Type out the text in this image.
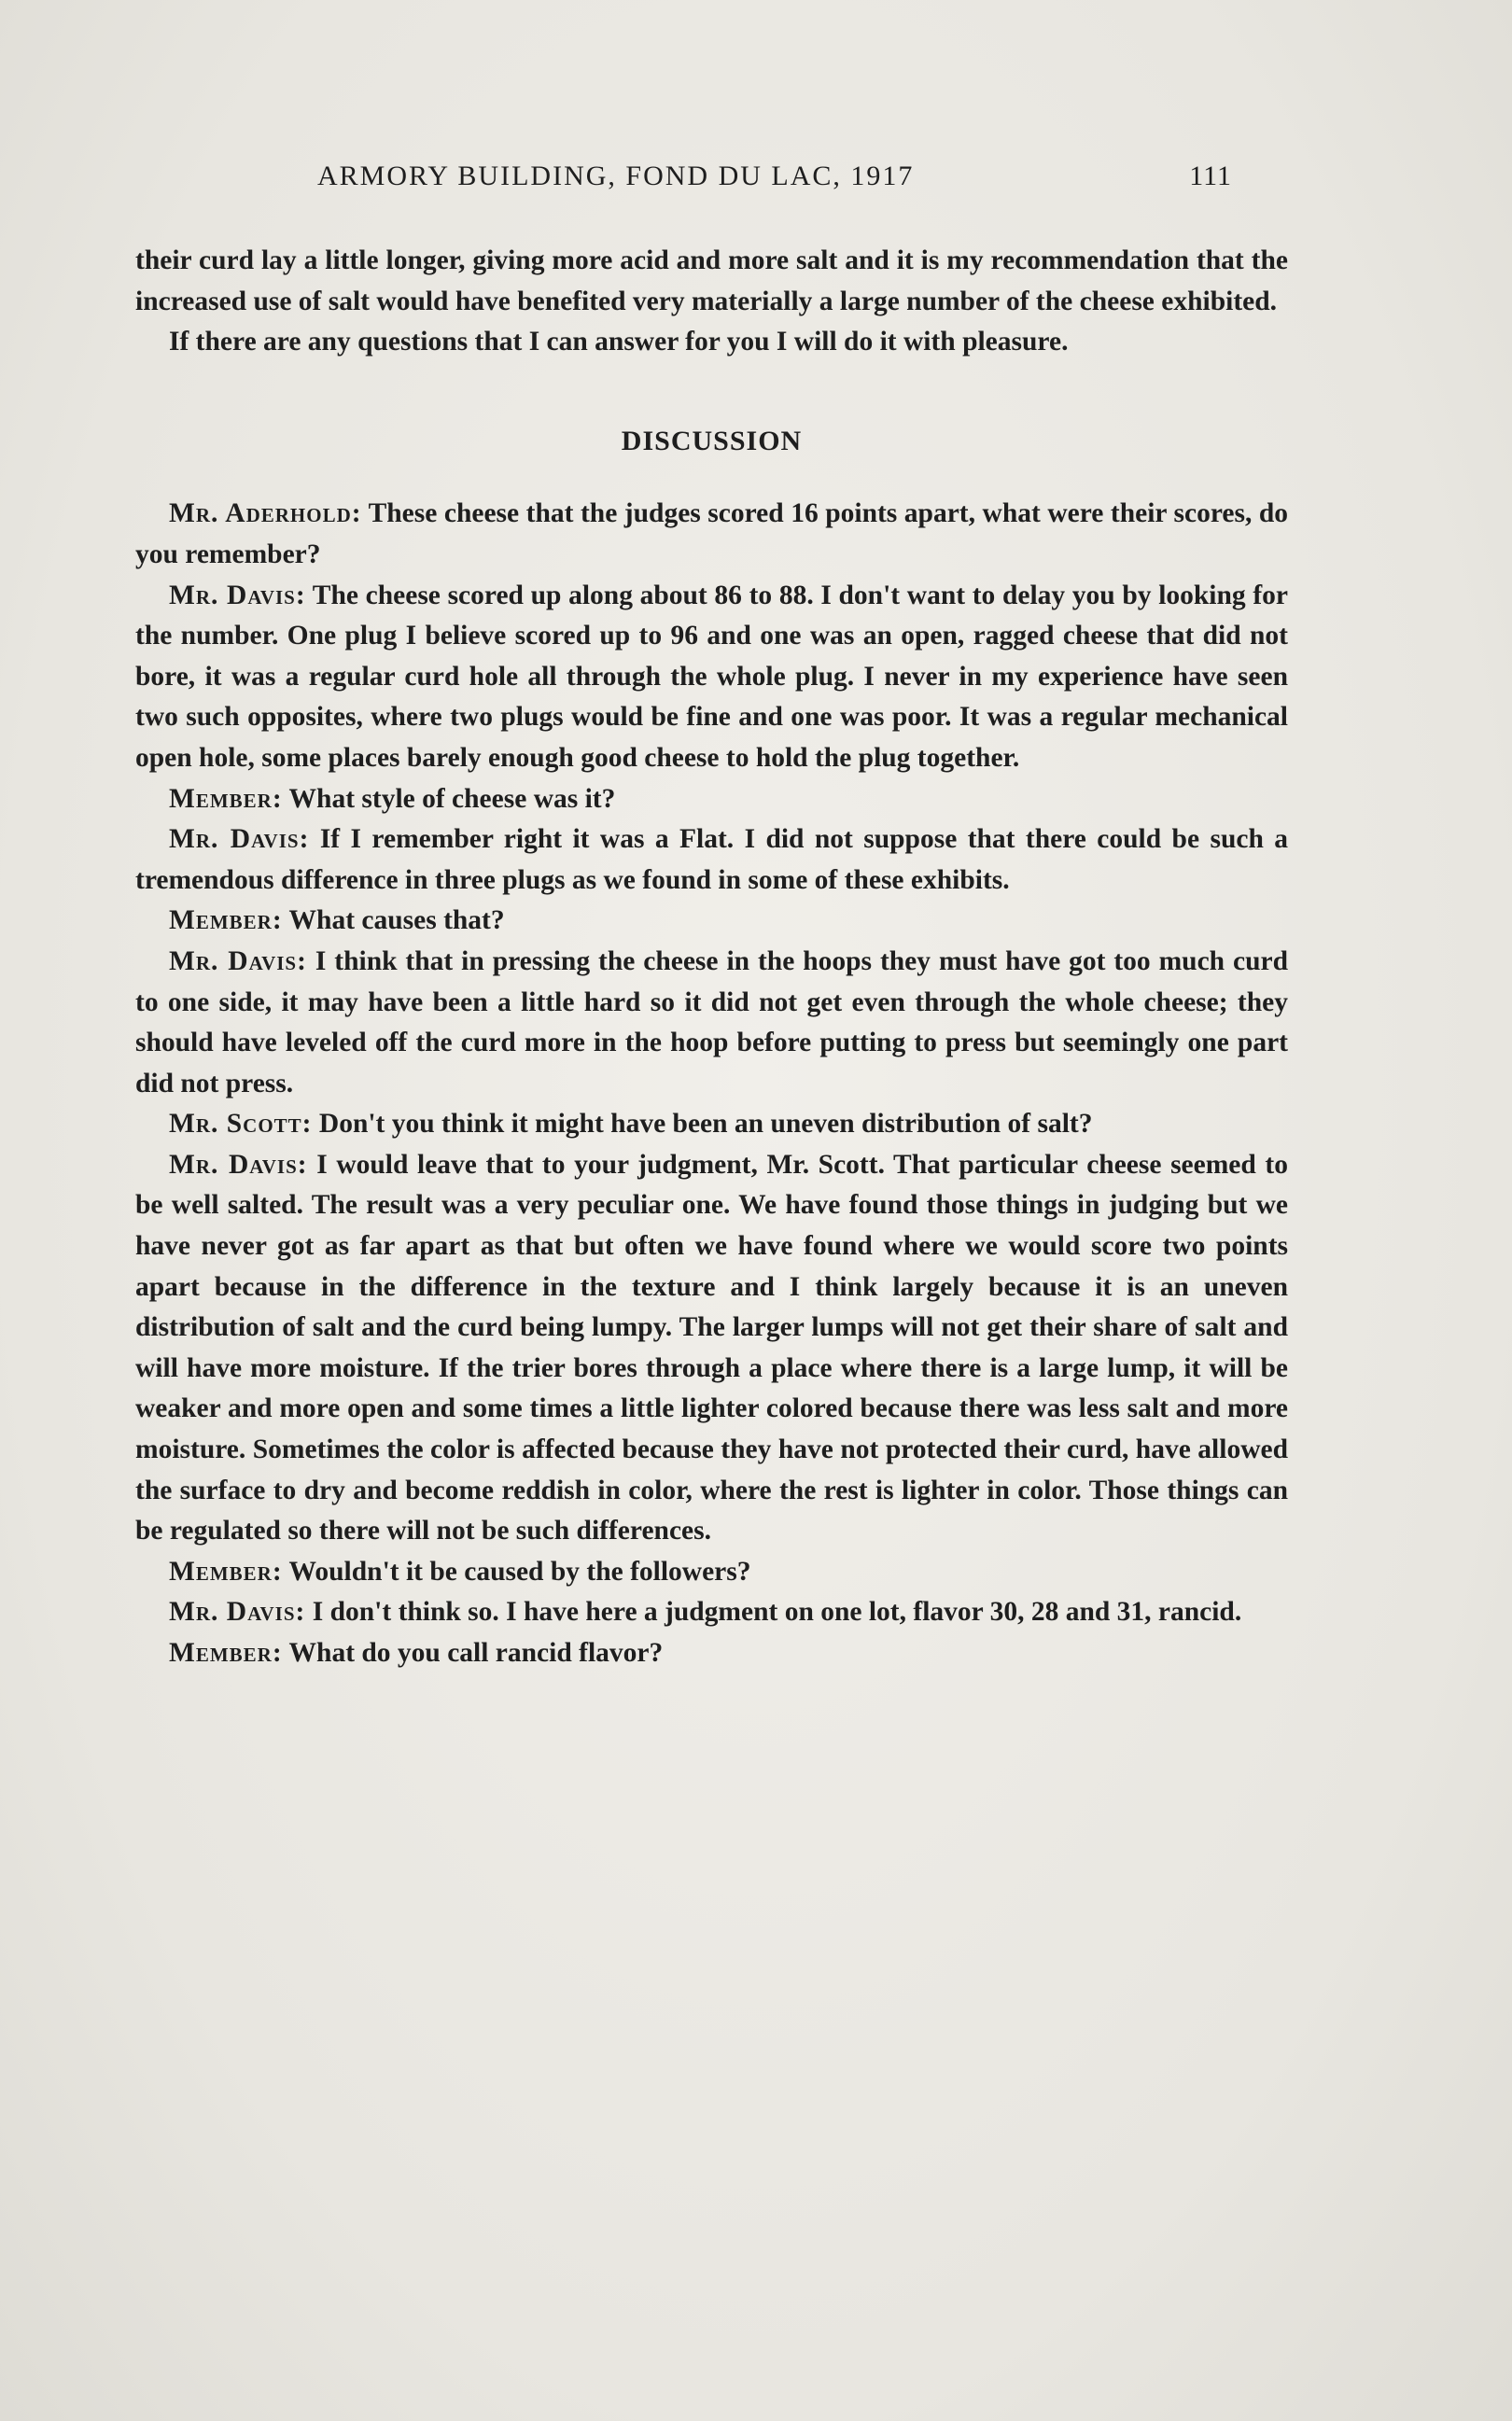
ARMORY BUILDING, FOND DU LAC, 1917	111

their curd lay a little longer, giving more acid and more salt and it is my recommendation that the increased use of salt would have benefited very materially a large number of the cheese exhibited.

If there are any questions that I can answer for you I will do it with pleasure.

DISCUSSION

Mr. Aderhold: These cheese that the judges scored 16 points apart, what were their scores, do you remember?

Mr. Davis: The cheese scored up along about 86 to 88. I don't want to delay you by looking for the number. One plug I believe scored up to 96 and one was an open, ragged cheese that did not bore, it was a regular curd hole all through the whole plug. I never in my experience have seen two such opposites, where two plugs would be fine and one was poor. It was a regular mechanical open hole, some places barely enough good cheese to hold the plug together.

Member: What style of cheese was it?

Mr. Davis: If I remember right it was a Flat. I did not suppose that there could be such a tremendous difference in three plugs as we found in some of these exhibits.

Member: What causes that?

Mr. Davis: I think that in pressing the cheese in the hoops they must have got too much curd to one side, it may have been a little hard so it did not get even through the whole cheese; they should have leveled off the curd more in the hoop before putting to press but seemingly one part did not press.

Mr. Scott: Don't you think it might have been an uneven distribution of salt?

Mr. Davis: I would leave that to your judgment, Mr. Scott. That particular cheese seemed to be well salted. The result was a very peculiar one. We have found those things in judging but we have never got as far apart as that but often we have found where we would score two points apart because in the difference in the texture and I think largely because it is an uneven distribution of salt and the curd being lumpy. The larger lumps will not get their share of salt and will have more moisture. If the trier bores through a place where there is a large lump, it will be weaker and more open and some times a little lighter colored because there was less salt and more moisture. Sometimes the color is affected because they have not protected their curd, have allowed the surface to dry and become reddish in color, where the rest is lighter in color. Those things can be regulated so there will not be such differences.

Member: Wouldn't it be caused by the followers?

Mr. Davis: I don't think so. I have here a judgment on one lot, flavor 30, 28 and 31, rancid.

Member: What do you call rancid flavor?
